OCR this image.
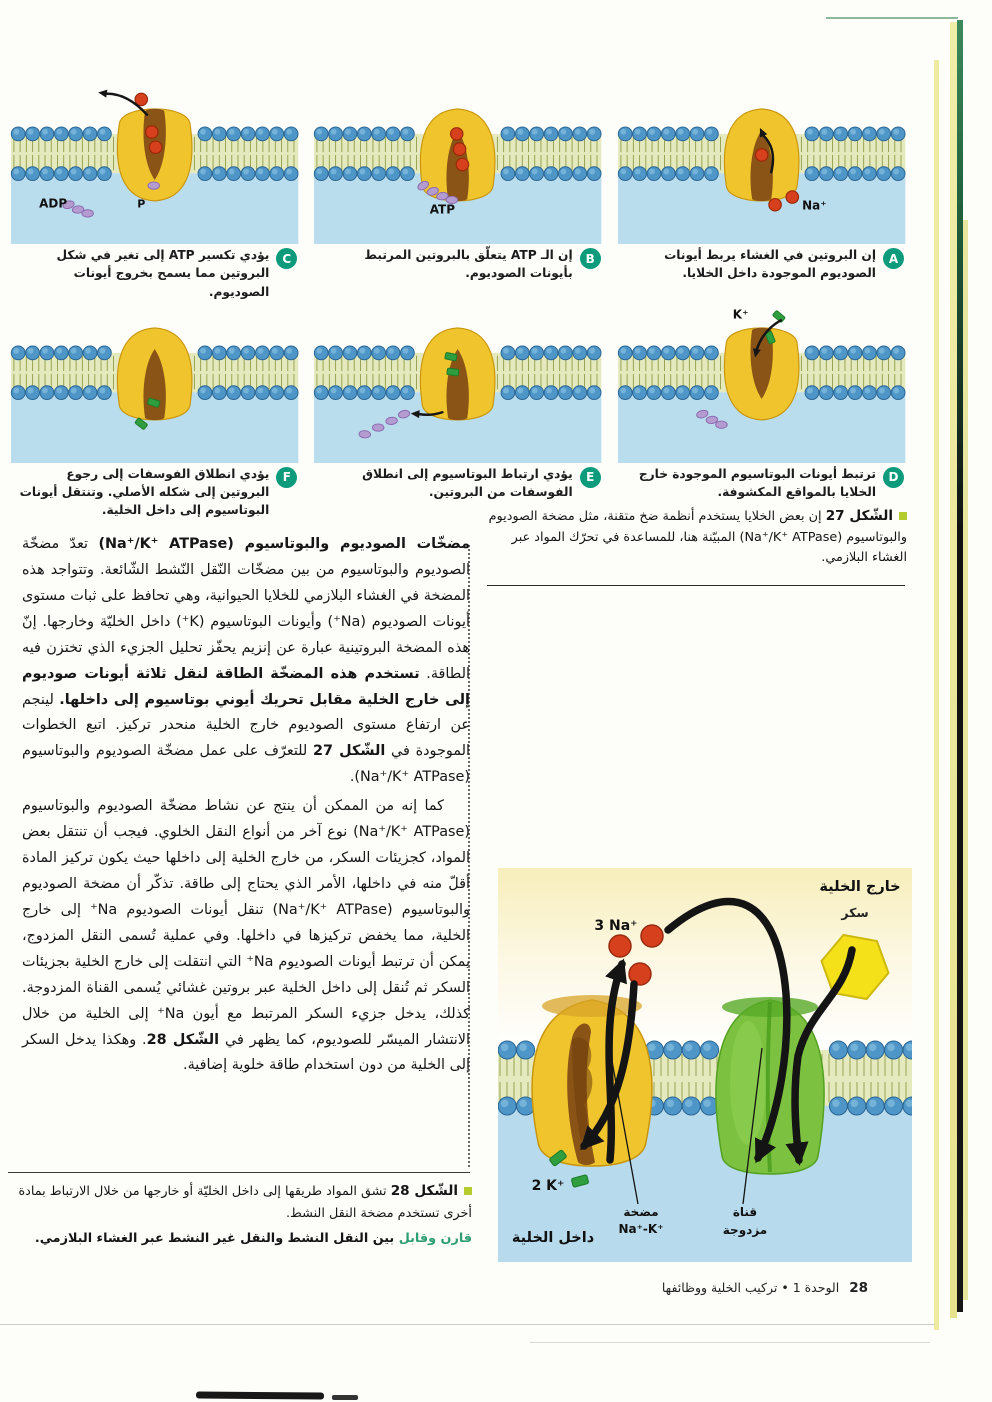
ADP	P
C
يؤدي تكسير ATP إلى تغير في شكل البروتين مما يسمح بخروج أيونات الصوديوم.
ATP
B
إن الـ ATP يتعلّق بالبروتين المرتبط بأيونات الصوديوم.
Na⁺
A
إن البروتين في الغشاء يربط أيونات الصوديوم الموجودة داخل الخلايا.
F
يؤدي انطلاق الفوسفات إلى رجوع البروتين إلى شكله الأصلي. وتنتقل أيونات البوتاسيوم إلى داخل الخلية.
E
يؤدي ارتباط البوتاسيوم إلى انطلاق الفوسفات من البروتين.
K⁺
D
ترتبط أيونات البوتاسيوم الموجودة خارج الخلايا بالمواقع المكشوفة.
الشّكل 27 إن بعض الخلايا يستخدم أنظمة ضخ متقنة، مثل مضخة الصوديوم والبوتاسيوم (Na⁺/K⁺ ATPase) المبيّنة هنا، للمساعدة في تحرّك المواد عبر الغشاء البلازمي.

مضخّات الصوديوم والبوتاسيوم (Na⁺/K⁺ ATPase) تعدّ مضخّة الصوديوم والبوتاسيوم من بين مضخّات النّقل النّشط الشّائعة. وتتواجد هذه المضخة في الغشاء البلازمي للخلايا الحيوانية، وهي تحافظ على ثبات مستوى أيونات الصوديوم (Na⁺) وأيونات البوتاسيوم (K⁺) داخل الخليّة وخارجها. إنّ هذه المضخة البروتينية عبارة عن إنزيم يحفّز تحليل الجزيء الذي تختزن فيه الطاقة. تستخدم هذه المضخّة الطاقة لنقل ثلاثة أيونات صوديوم إلى خارج الخلية مقابل تحريك أيوني بوتاسيوم إلى داخلها. لينجم عن ارتفاع مستوى الصوديوم خارج الخلية منحدر تركيز. اتبع الخطوات الموجودة في الشّكل 27 للتعرّف على عمل مضخّة الصوديوم والبوتاسيوم (Na⁺/K⁺ ATPase).

كما إنه من الممكن أن ينتج عن نشاط مضخّة الصوديوم والبوتاسيوم (Na⁺/K⁺ ATPase) نوع آخر من أنواع النقل الخلوي. فيجب أن تنتقل بعض المواد، كجزيئات السكر، من خارج الخلية إلى داخلها حيث يكون تركيز المادة أقلّ منه في داخلها، الأمر الذي يحتاج إلى طاقة. تذكّر أن مضخة الصوديوم والبوتاسيوم (Na⁺/K⁺ ATPase) تنقل أيونات الصوديوم Na⁺ إلى خارج الخلية، مما يخفض تركيزها في داخلها. وفي عملية تُسمى النقل المزدوج، يمكن أن ترتبط أيونات الصوديوم Na⁺ التي انتقلت إلى خارج الخلية بجزيئات السكر ثم تُنقل إلى داخل الخلية عبر بروتين غشائي يُسمى القناة المزدوجة. كذلك، يدخل جزيء السكر المرتبط مع أيون Na⁺ إلى الخلية من خلال الانتشار الميسّر للصوديوم، كما يظهر في الشّكل 28. وهكذا يدخل السكر إلى الخلية من دون استخدام طاقة خلوية إضافية.

خارج الخلية
سكر
3 Na⁺
2 K⁺
داخل الخلية
مضخة
Na⁺-K⁺
قناة
مزدوجة
الشّكل 28 تشق المواد طريقها إلى داخل الخليّة أو خارجها من خلال الارتباط بمادة أخرى تستخدم مضخة النقل النشط.
قارن وقابل بين النقل النشط والنقل غير النشط عبر الغشاء البلازمي.
28
الوحدة 1 • تركيب الخلية ووظائفها
